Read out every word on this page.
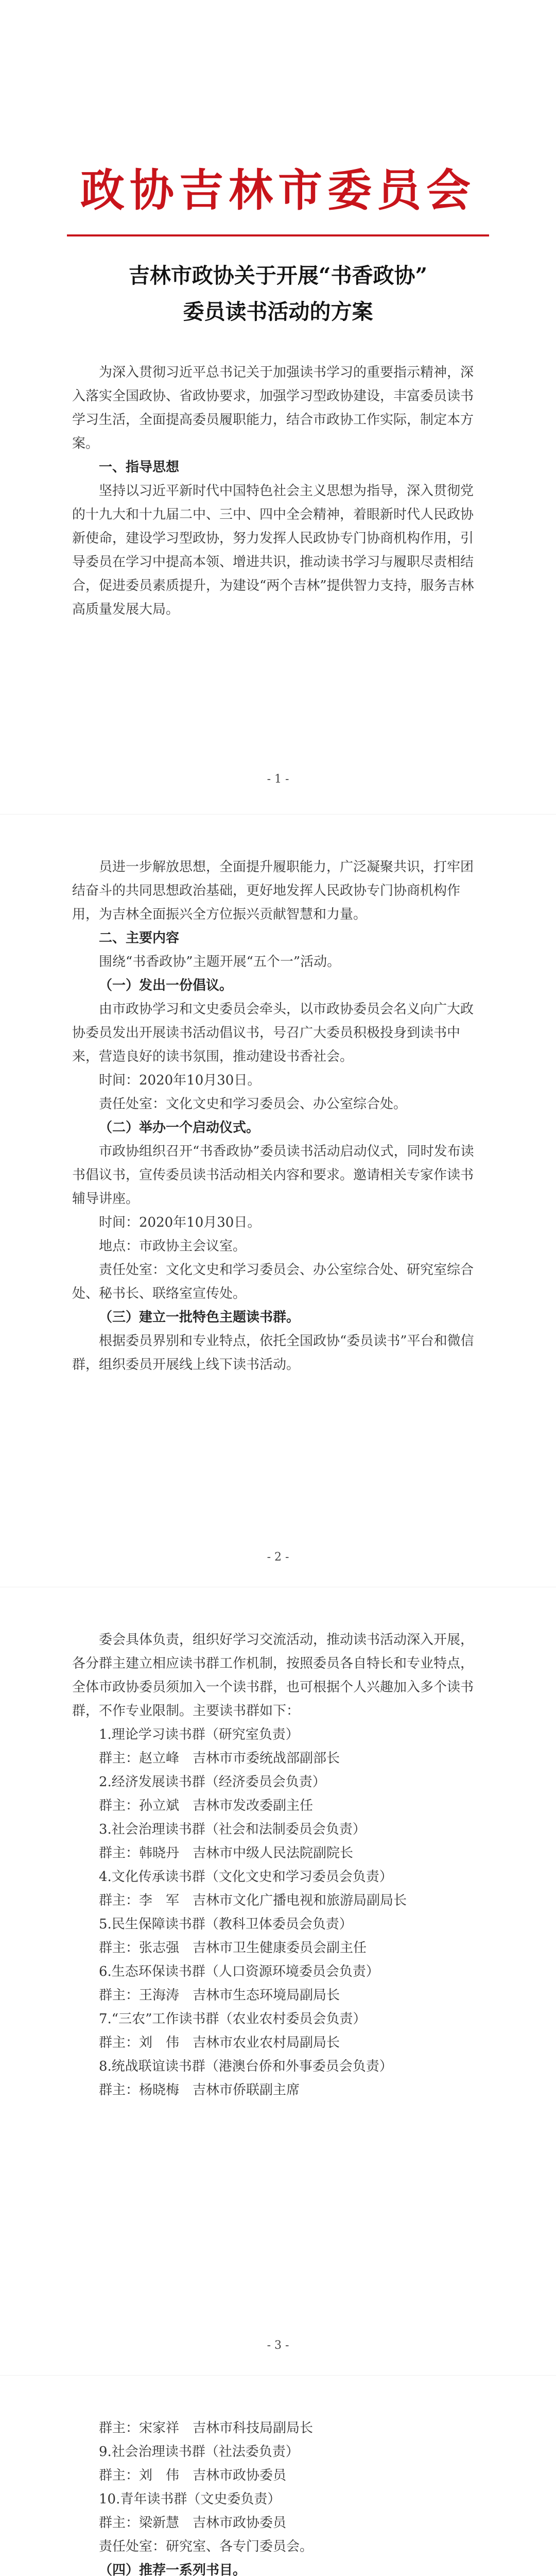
政协吉林市委员会
吉林市政协关于开展“书香政协”
委员读书活动的方案

为深入贯彻习近平总书记关于加强读书学习的重要指示精神，深入落实全国政协、省政协要求，加强学习型政协建设，丰富委员读书学习生活，全面提高委员履职能力，结合市政协工作实际，制定本方案。

一、指导思想

坚持以习近平新时代中国特色社会主义思想为指导，深入贯彻党的十九大和十九届二中、三中、四中全会精神，着眼新时代人民政协新使命，建设学习型政协，努力发挥人民政协专门协商机构作用，引导委员在学习中提高本领、增进共识，推动读书学习与履职尽责相结合，促进委员素质提升，为建设“两个吉林”提供智力支持，服务吉林高质量发展大局。

- 1 -

员进一步解放思想，全面提升履职能力，广泛凝聚共识，打牢团结奋斗的共同思想政治基础，更好地发挥人民政协专门协商机构作用，为吉林全面振兴全方位振兴贡献智慧和力量。

二、主要内容

围绕“书香政协”主题开展“五个一”活动。

（一）发出一份倡议。

由市政协学习和文史委员会牵头，以市政协委员会名义向广大政协委员发出开展读书活动倡议书，号召广大委员积极投身到读书中来，营造良好的读书氛围，推动建设书香社会。

时间：2020年10月30日。

责任处室：文化文史和学习委员会、办公室综合处。

（二）举办一个启动仪式。

市政协组织召开“书香政协”委员读书活动启动仪式，同时发布读书倡议书，宣传委员读书活动相关内容和要求。邀请相关专家作读书辅导讲座。

时间：2020年10月30日。

地点：市政协主会议室。

责任处室：文化文史和学习委员会、办公室综合处、研究室综合处、秘书长、联络室宣传处。

（三）建立一批特色主题读书群。

根据委员界别和专业特点，依托全国政协“委员读书”平台和微信群，组织委员开展线上线下读书活动。

- 2 -

委会具体负责，组织好学习交流活动，推动读书活动深入开展，各分群主建立相应读书群工作机制，按照委员各自特长和专业特点，全体市政协委员须加入一个读书群，也可根据个人兴趣加入多个读书群，不作专业限制。主要读书群如下：

1.理论学习读书群（研究室负责）

群主：赵立峰　吉林市市委统战部副部长

2.经济发展读书群（经济委员会负责）

群主：孙立斌　吉林市发改委副主任

3.社会治理读书群（社会和法制委员会负责）

群主：韩晓丹　吉林市中级人民法院副院长

4.文化传承读书群（文化文史和学习委员会负责）

群主：李　军　吉林市文化广播电视和旅游局副局长

5.民生保障读书群（教科卫体委员会负责）

群主：张志强　吉林市卫生健康委员会副主任

6.生态环保读书群（人口资源环境委员会负责）

群主：王海涛　吉林市生态环境局副局长

7.“三农”工作读书群（农业农村委员会负责）

群主：刘　伟　吉林市农业农村局副局长

8.统战联谊读书群（港澳台侨和外事委员会负责）

群主：杨晓梅　吉林市侨联副主席

- 3 -

群主：宋家祥　吉林市科技局副局长

9.社会治理读书群（社法委负责）

群主：刘　伟　吉林市政协委员

10.青年读书群（文史委负责）

群主：梁新慧　吉林市政协委员

责任处室：研究室、各专门委员会。

（四）推荐一系列书目。
